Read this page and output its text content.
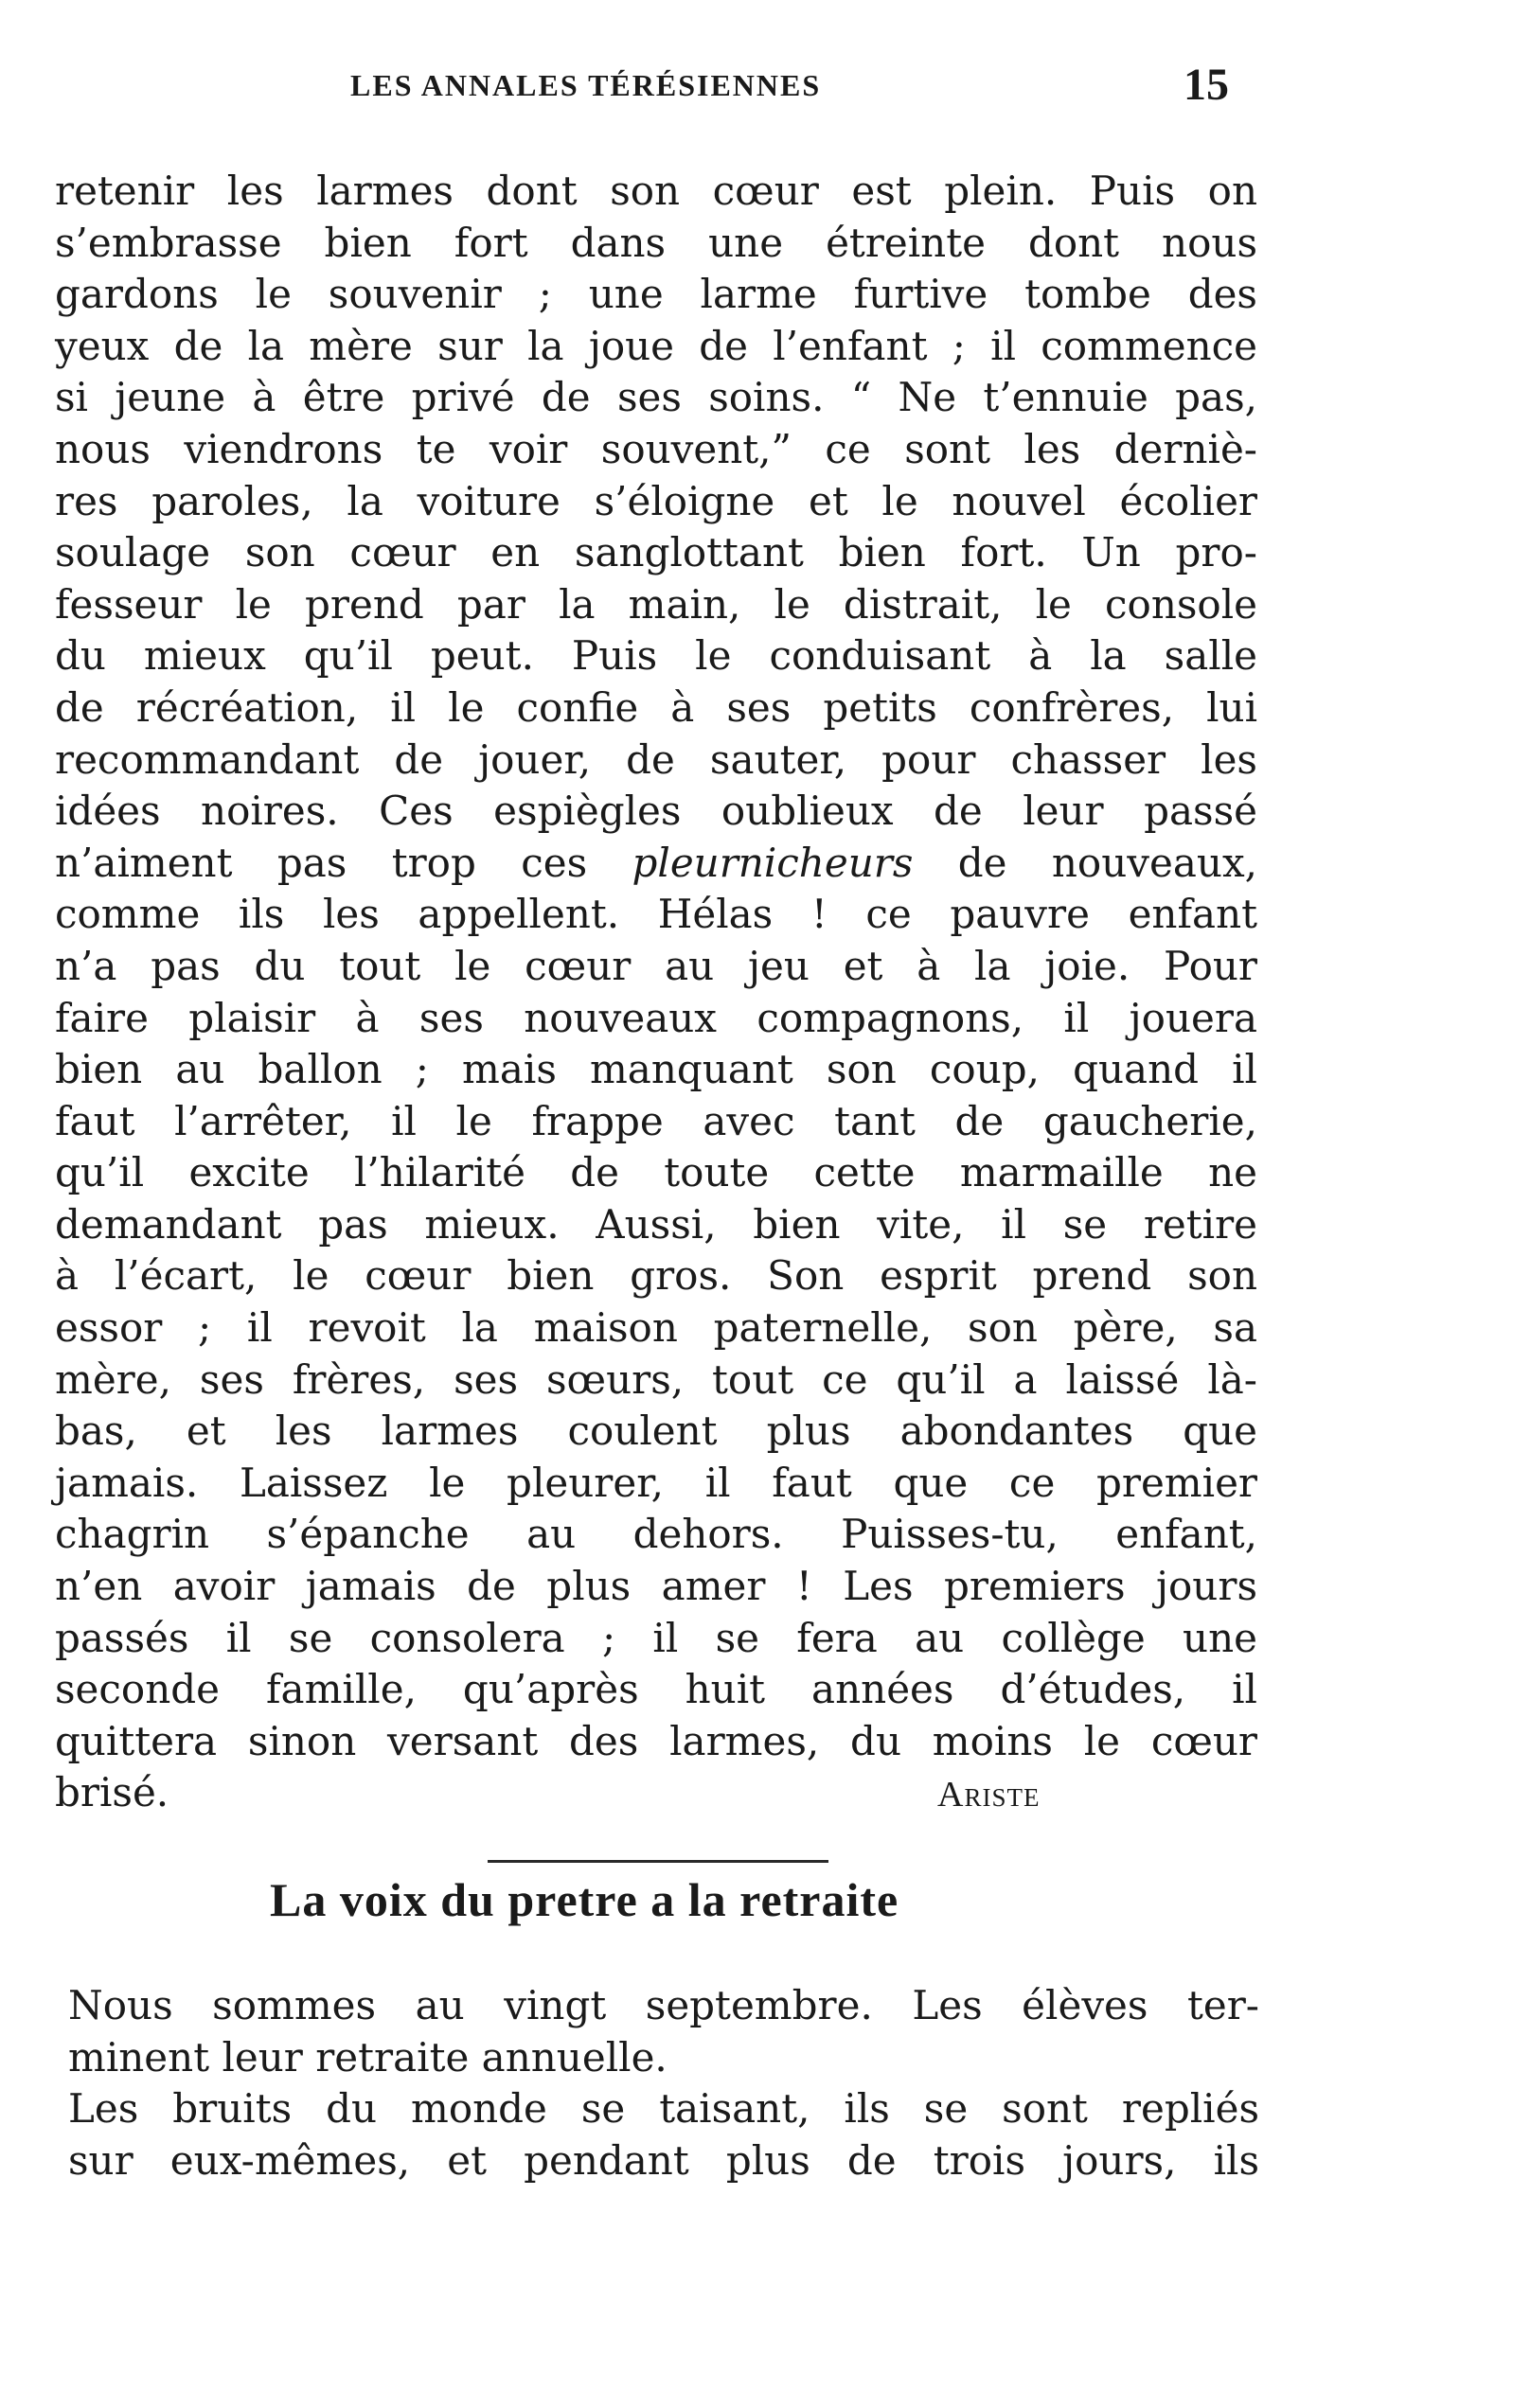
LES ANNALES TÉRÉSIENNES	15
retenir les larmes dont son cœur est plein. Puis on
s’embrasse bien fort dans une étreinte dont nous
gardons le souvenir ; une larme furtive tombe des
yeux de la mère sur la joue de l’enfant ; il commence
si jeune à être privé de ses soins. “ Ne t’ennuie pas,
nous viendrons te voir souvent,” ce sont les derniè-
res paroles, la voiture s’éloigne et le nouvel écolier
soulage son cœur en sanglottant bien fort. Un pro-
fesseur le prend par la main, le distrait, le console
du mieux qu’il peut. Puis le conduisant à la salle
de récréation, il le confie à ses petits confrères, lui
recommandant de jouer, de sauter, pour chasser les
idées noires. Ces espiègles oublieux de leur passé
n’aiment pas trop ces pleurnicheurs de nouveaux,
comme ils les appellent. Hélas ! ce pauvre enfant
n’a pas du tout le cœur au jeu et à la joie. Pour
faire plaisir à ses nouveaux compagnons, il jouera
bien au ballon ; mais manquant son coup, quand il
faut l’arrêter, il le frappe avec tant de gaucherie,
qu’il excite l’hilarité de toute cette marmaille ne
demandant pas mieux. Aussi, bien vite, il se retire
à l’écart, le cœur bien gros. Son esprit prend son
essor ; il revoit la maison paternelle, son père, sa
mère, ses frères, ses sœurs, tout ce qu’il a laissé là-
bas, et les larmes coulent plus abondantes que
jamais. Laissez le pleurer, il faut que ce premier
chagrin s’épanche au dehors. Puisses-tu, enfant,
n’en avoir jamais de plus amer ! Les premiers jours
passés il se consolera ; il se fera au collège une
seconde famille, qu’après huit années d’études, il
quittera sinon versant des larmes, du moins le cœur
brisé.	Ariste
La voix du pretre a la retraite
Nous sommes au vingt septembre. Les élèves ter-
minent leur retraite annuelle.
Les bruits du monde se taisant, ils se sont repliés
sur eux-mêmes, et pendant plus de trois jours, ils
